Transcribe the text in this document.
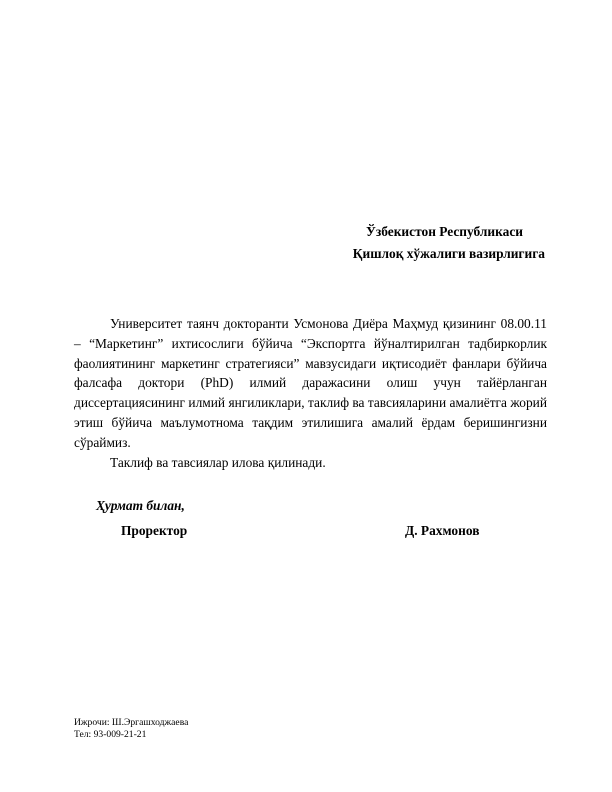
Ўзбекистон Республикаси
Қишлоқ хўжалиги вазирлигига

Университет таянч докторанти Усмонова Диёра Маҳмуд қизининг 08.00.11 – “Маркетинг” ихтисослиги бўйича “Экспортга йўналтирилган тадбиркорлик фаолиятининг маркетинг стратегияси” мавзусидаги иқтисодиёт фанлари бўйича фалсафа доктори (PhD) илмий даражасини олиш учун тайёрланган диссертациясининг илмий янгиликлари, таклиф ва тавсияларини амалиётга жорий этиш бўйича маълумотнома тақдим этилишига амалий ёрдам беришингизни сўраймиз.

Таклиф ва тавсиялар илова қилинади.

Ҳурмат билан,
Проректор	Д. Рахмонов
Ижрочи: Ш.Эргашходжаева
Тел: 93-009-21-21
